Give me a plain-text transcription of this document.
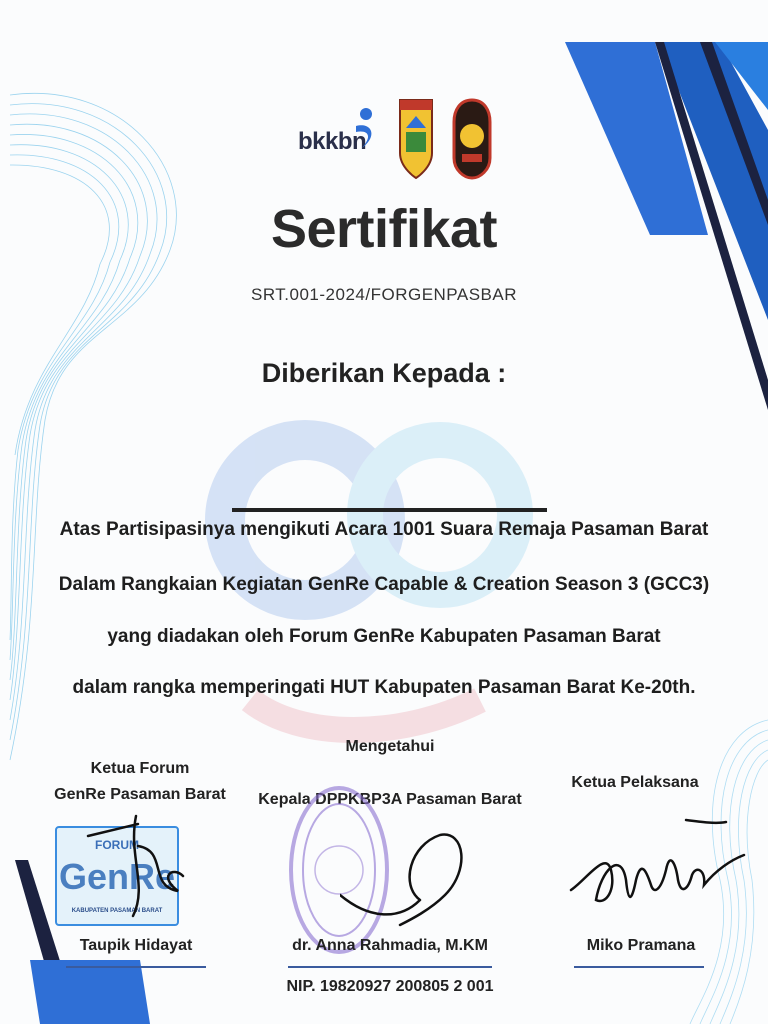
bkkbn
Sertifikat
SRT.001-2024/FORGENPASBAR
Diberikan Kepada :
Atas Partisipasinya mengikuti Acara 1001 Suara Remaja Pasaman Barat
Dalam Rangkaian Kegiatan GenRe Capable & Creation Season 3 (GCC3)
yang diadakan oleh Forum GenRe Kabupaten Pasaman Barat
dalam rangka memperingati HUT Kabupaten Pasaman Barat Ke-20th.
Mengetahui
Ketua Forum
GenRe Pasaman Barat
FORUM
GenRe
KABUPATEN PASAMAN BARAT
Taupik Hidayat
Kepala DPPKBP3A Pasaman Barat
dr. Anna Rahmadia, M.KM
NIP. 19820927 200805 2 001
Ketua Pelaksana
Miko Pramana
